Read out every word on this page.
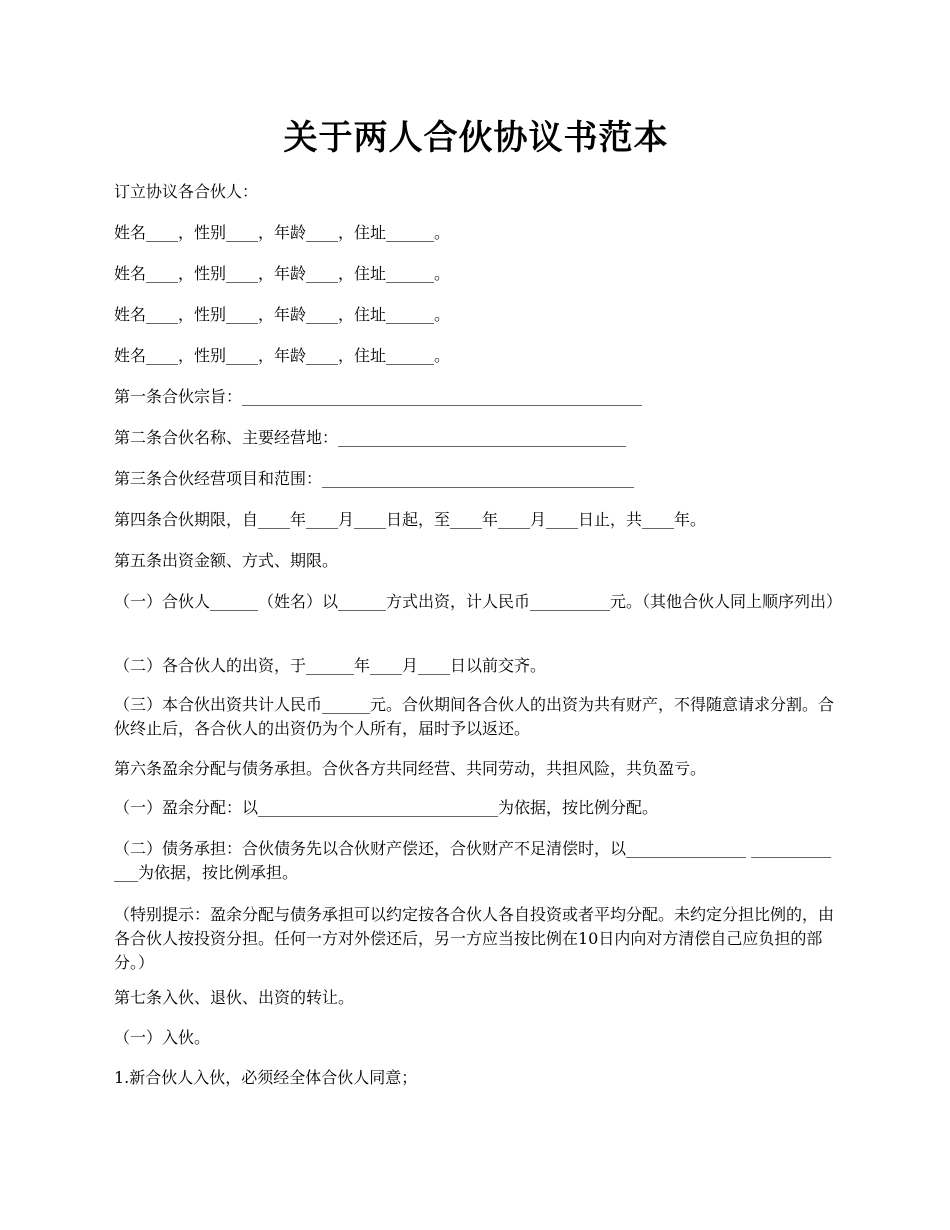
关于两人合伙协议书范本

订立协议各合伙人：

姓名____，性别____，年龄____，住址______。

姓名____，性别____，年龄____，住址______。

姓名____，性别____，年龄____，住址______。

姓名____，性别____，年龄____，住址______。

第一条合伙宗旨：__________________________________________________

第二条合伙名称、主要经营地：____________________________________

第三条合伙经营项目和范围：_______________________________________

第四条合伙期限，自____年____月____日起，至____年____月____日止，共____年。

第五条出资金额、方式、期限。

（一）合伙人______（姓名）以______方式出资，计人民币__________元。（其他合伙人同上顺序列出）

（二）各合伙人的出资，于______年____月____日以前交齐。

（三）本合伙出资共计人民币______元。合伙期间各合伙人的出资为共有财产，不得随意请求分割。合伙终止后，各合伙人的出资仍为个人所有，届时予以返还。

第六条盈余分配与债务承担。合伙各方共同经营、共同劳动，共担风险，共负盈亏。

（一）盈余分配：以______________________________为依据，按比例分配。

（二）债务承担：合伙债务先以合伙财产偿还，合伙财产不足清偿时，以_______________ _____________为依据，按比例承担。

（特别提示：盈余分配与债务承担可以约定按各合伙人各自投资或者平均分配。未约定分担比例的，由各合伙人按投资分担。任何一方对外偿还后，另一方应当按比例在10日内向对方清偿自己应负担的部分。）

第七条入伙、退伙、出资的转让。

（一）入伙。

1.新合伙人入伙，必须经全体合伙人同意；
